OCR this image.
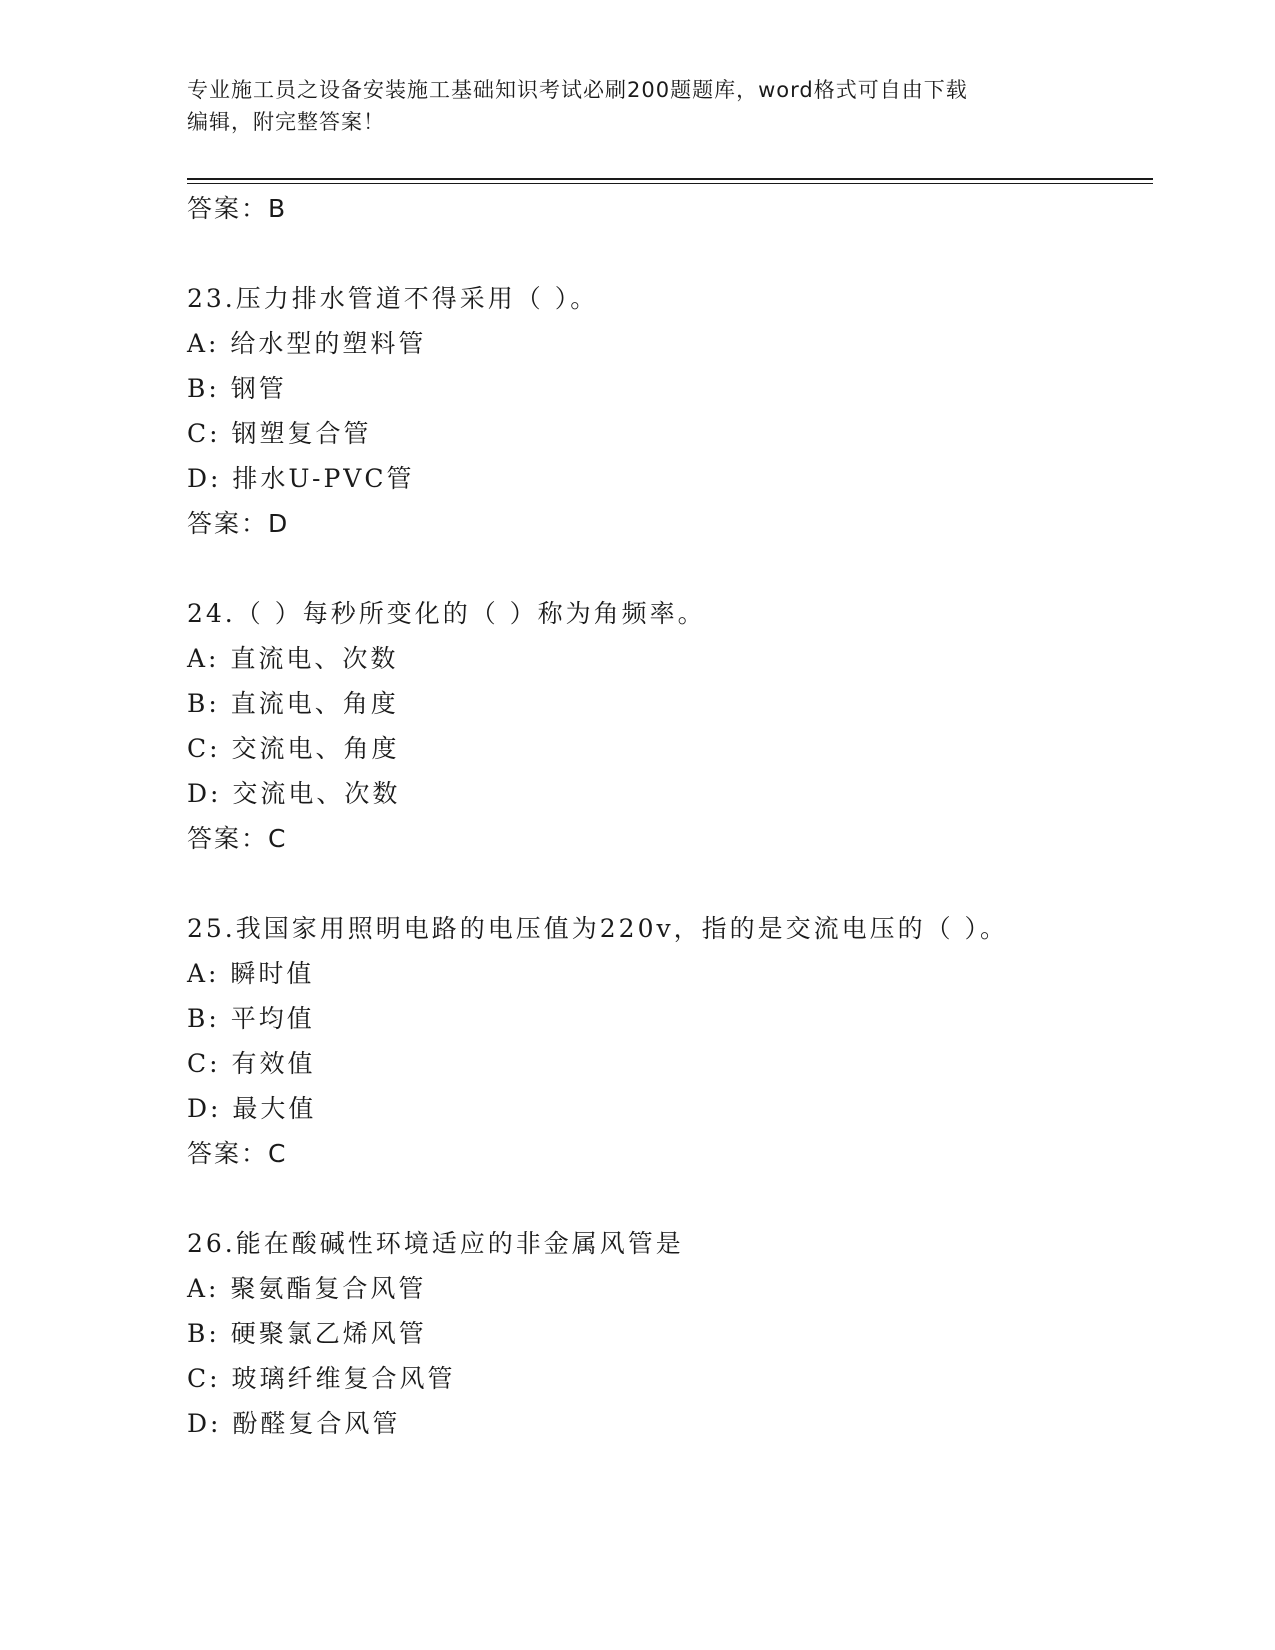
专业施工员之设备安装施工基础知识考试必刷200题题库，word格式可自由下载
编辑，附完整答案！
答案：B
23.压力排水管道不得采用（ ）。
A: 给水型的塑料管
B: 钢管
C: 钢塑复合管
D: 排水U-PVC管
答案：D
24.（ ）每秒所变化的（ ）称为角频率。
A: 直流电、次数
B: 直流电、角度
C: 交流电、角度
D: 交流电、次数
答案：C
25.我国家用照明电路的电压值为220v，指的是交流电压的（ ）。
A: 瞬时值
B: 平均值
C: 有效值
D: 最大值
答案：C
26.能在酸碱性环境适应的非金属风管是
A: 聚氨酯复合风管
B: 硬聚氯乙烯风管
C: 玻璃纤维复合风管
D: 酚醛复合风管
